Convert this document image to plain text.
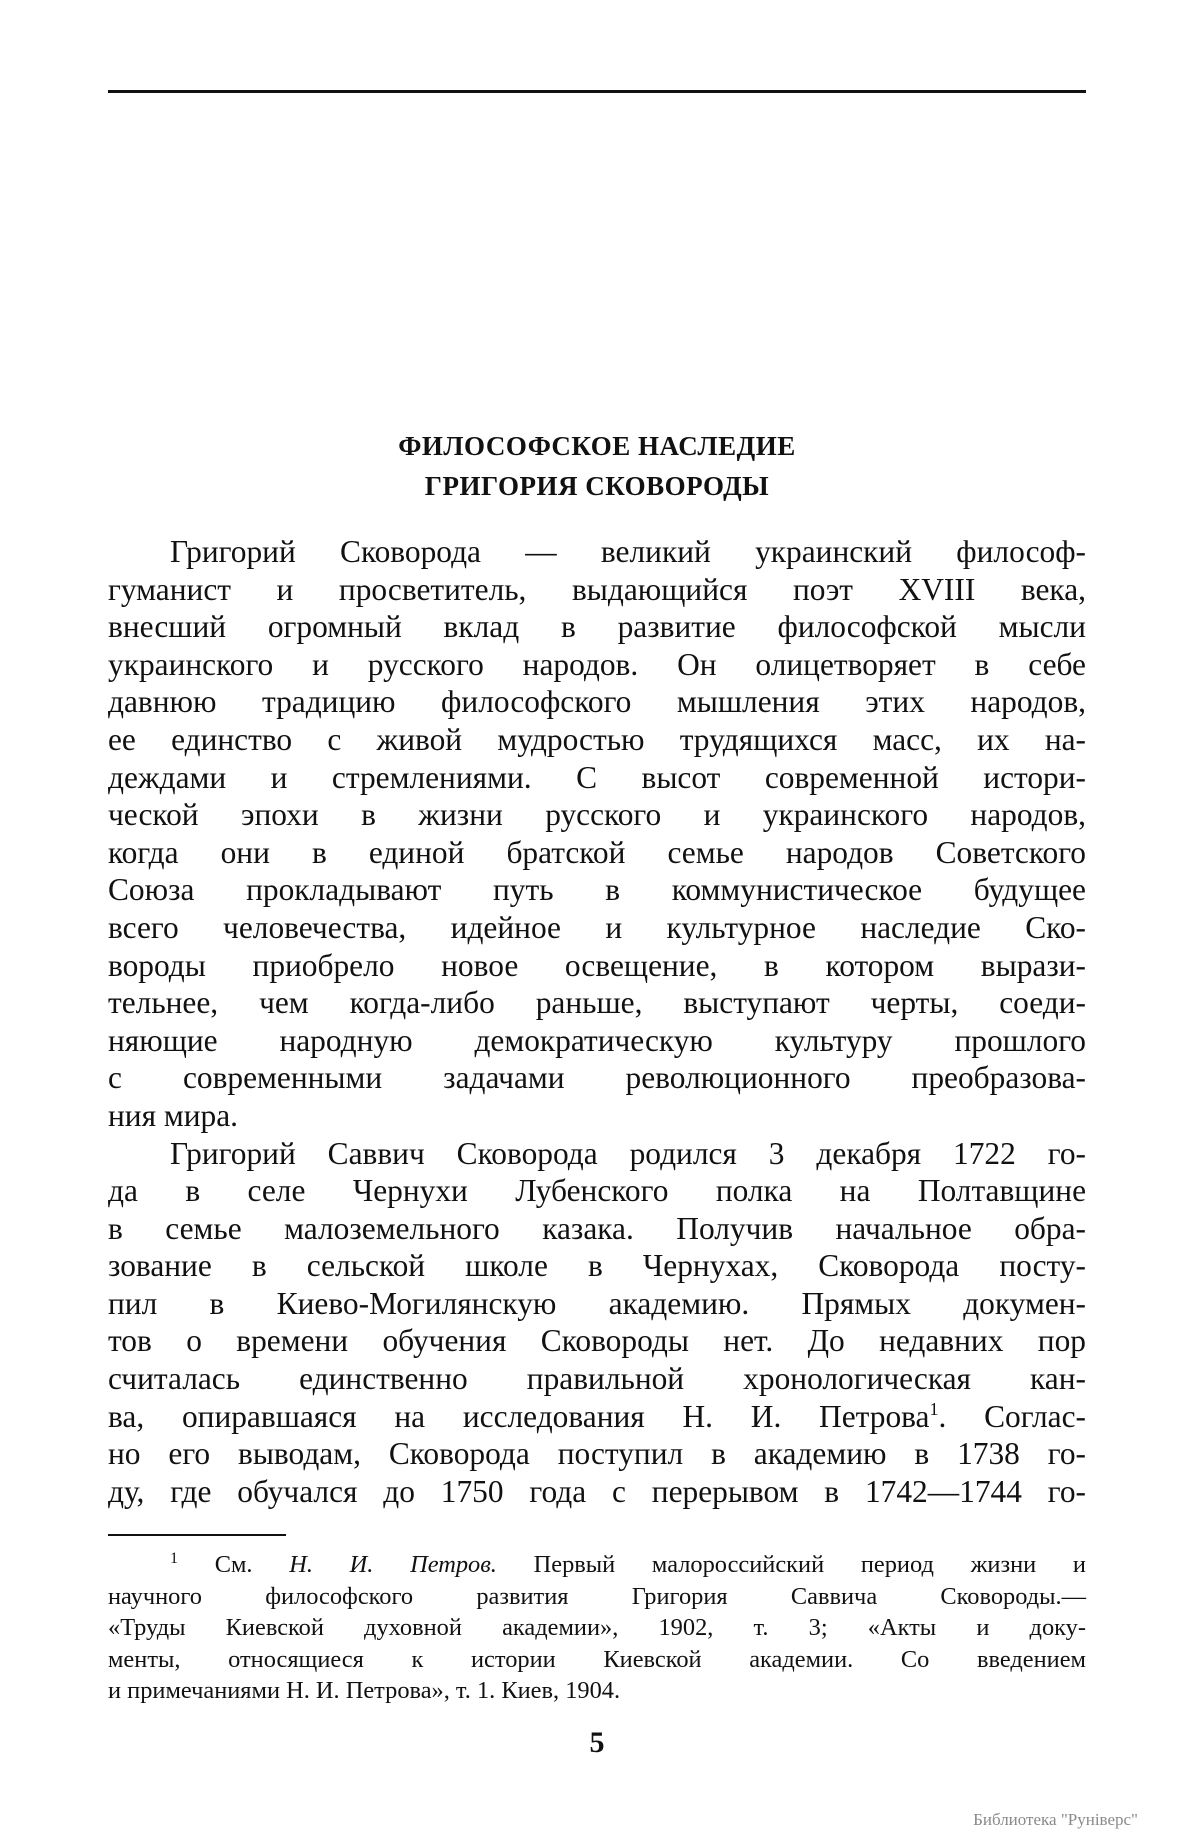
ФИЛОСОФСКОЕ НАСЛЕДИЕ
ГРИГОРИЯ СКОВОРОДЫ
Григорий Сковорода — великий украинский философ-
гуманист и просветитель, выдающийся поэт XVIII века,
внесший огромный вклад в развитие философской мысли
украинского и русского народов. Он олицетворяет в себе
давнюю традицию философского мышления этих народов,
ее единство с живой мудростью трудящихся масс, их на-
деждами и стремлениями. С высот современной истори-
ческой эпохи в жизни русского и украинского народов,
когда они в единой братской семье народов Советского
Союза прокладывают путь в коммунистическое будущее
всего человечества, идейное и культурное наследие Ско-
вороды приобрело новое освещение, в котором вырази-
тельнее, чем когда-либо раньше, выступают черты, соеди-
няющие народную демократическую культуру прошлого
с современными задачами революционного преобразова-
ния мира.
Григорий Саввич Сковорода родился 3 декабря 1722 го-
да в селе Чернухи Лубенского полка на Полтавщине
в семье малоземельного казака. Получив начальное обра-
зование в сельской школе в Чернухах, Сковорода посту-
пил в Киево-Могилянскую академию. Прямых докумен-
тов о времени обучения Сковороды нет. До недавних пор
считалась единственно правильной хронологическая кан-
ва, опиравшаяся на исследования Н. И. Петрова$^1$. Соглас-
но его выводам, Сковорода поступил в академию в 1738 го-
ду, где обучался до 1750 года с перерывом в 1742—1744 го-
$^1$ См. Н. И. Петров. Первый малороссийский период жизни и
научного философского развития Григория Саввича Сковороды.—
«Труды Киевской духовной академии», 1902, т. 3; «Акты и доку-
менты, относящиеся к истории Киевской академии. Со введением
и примечаниями Н. И. Петрова», т. 1. Киев, 1904.
5
Библиотека "Рунiверс"
